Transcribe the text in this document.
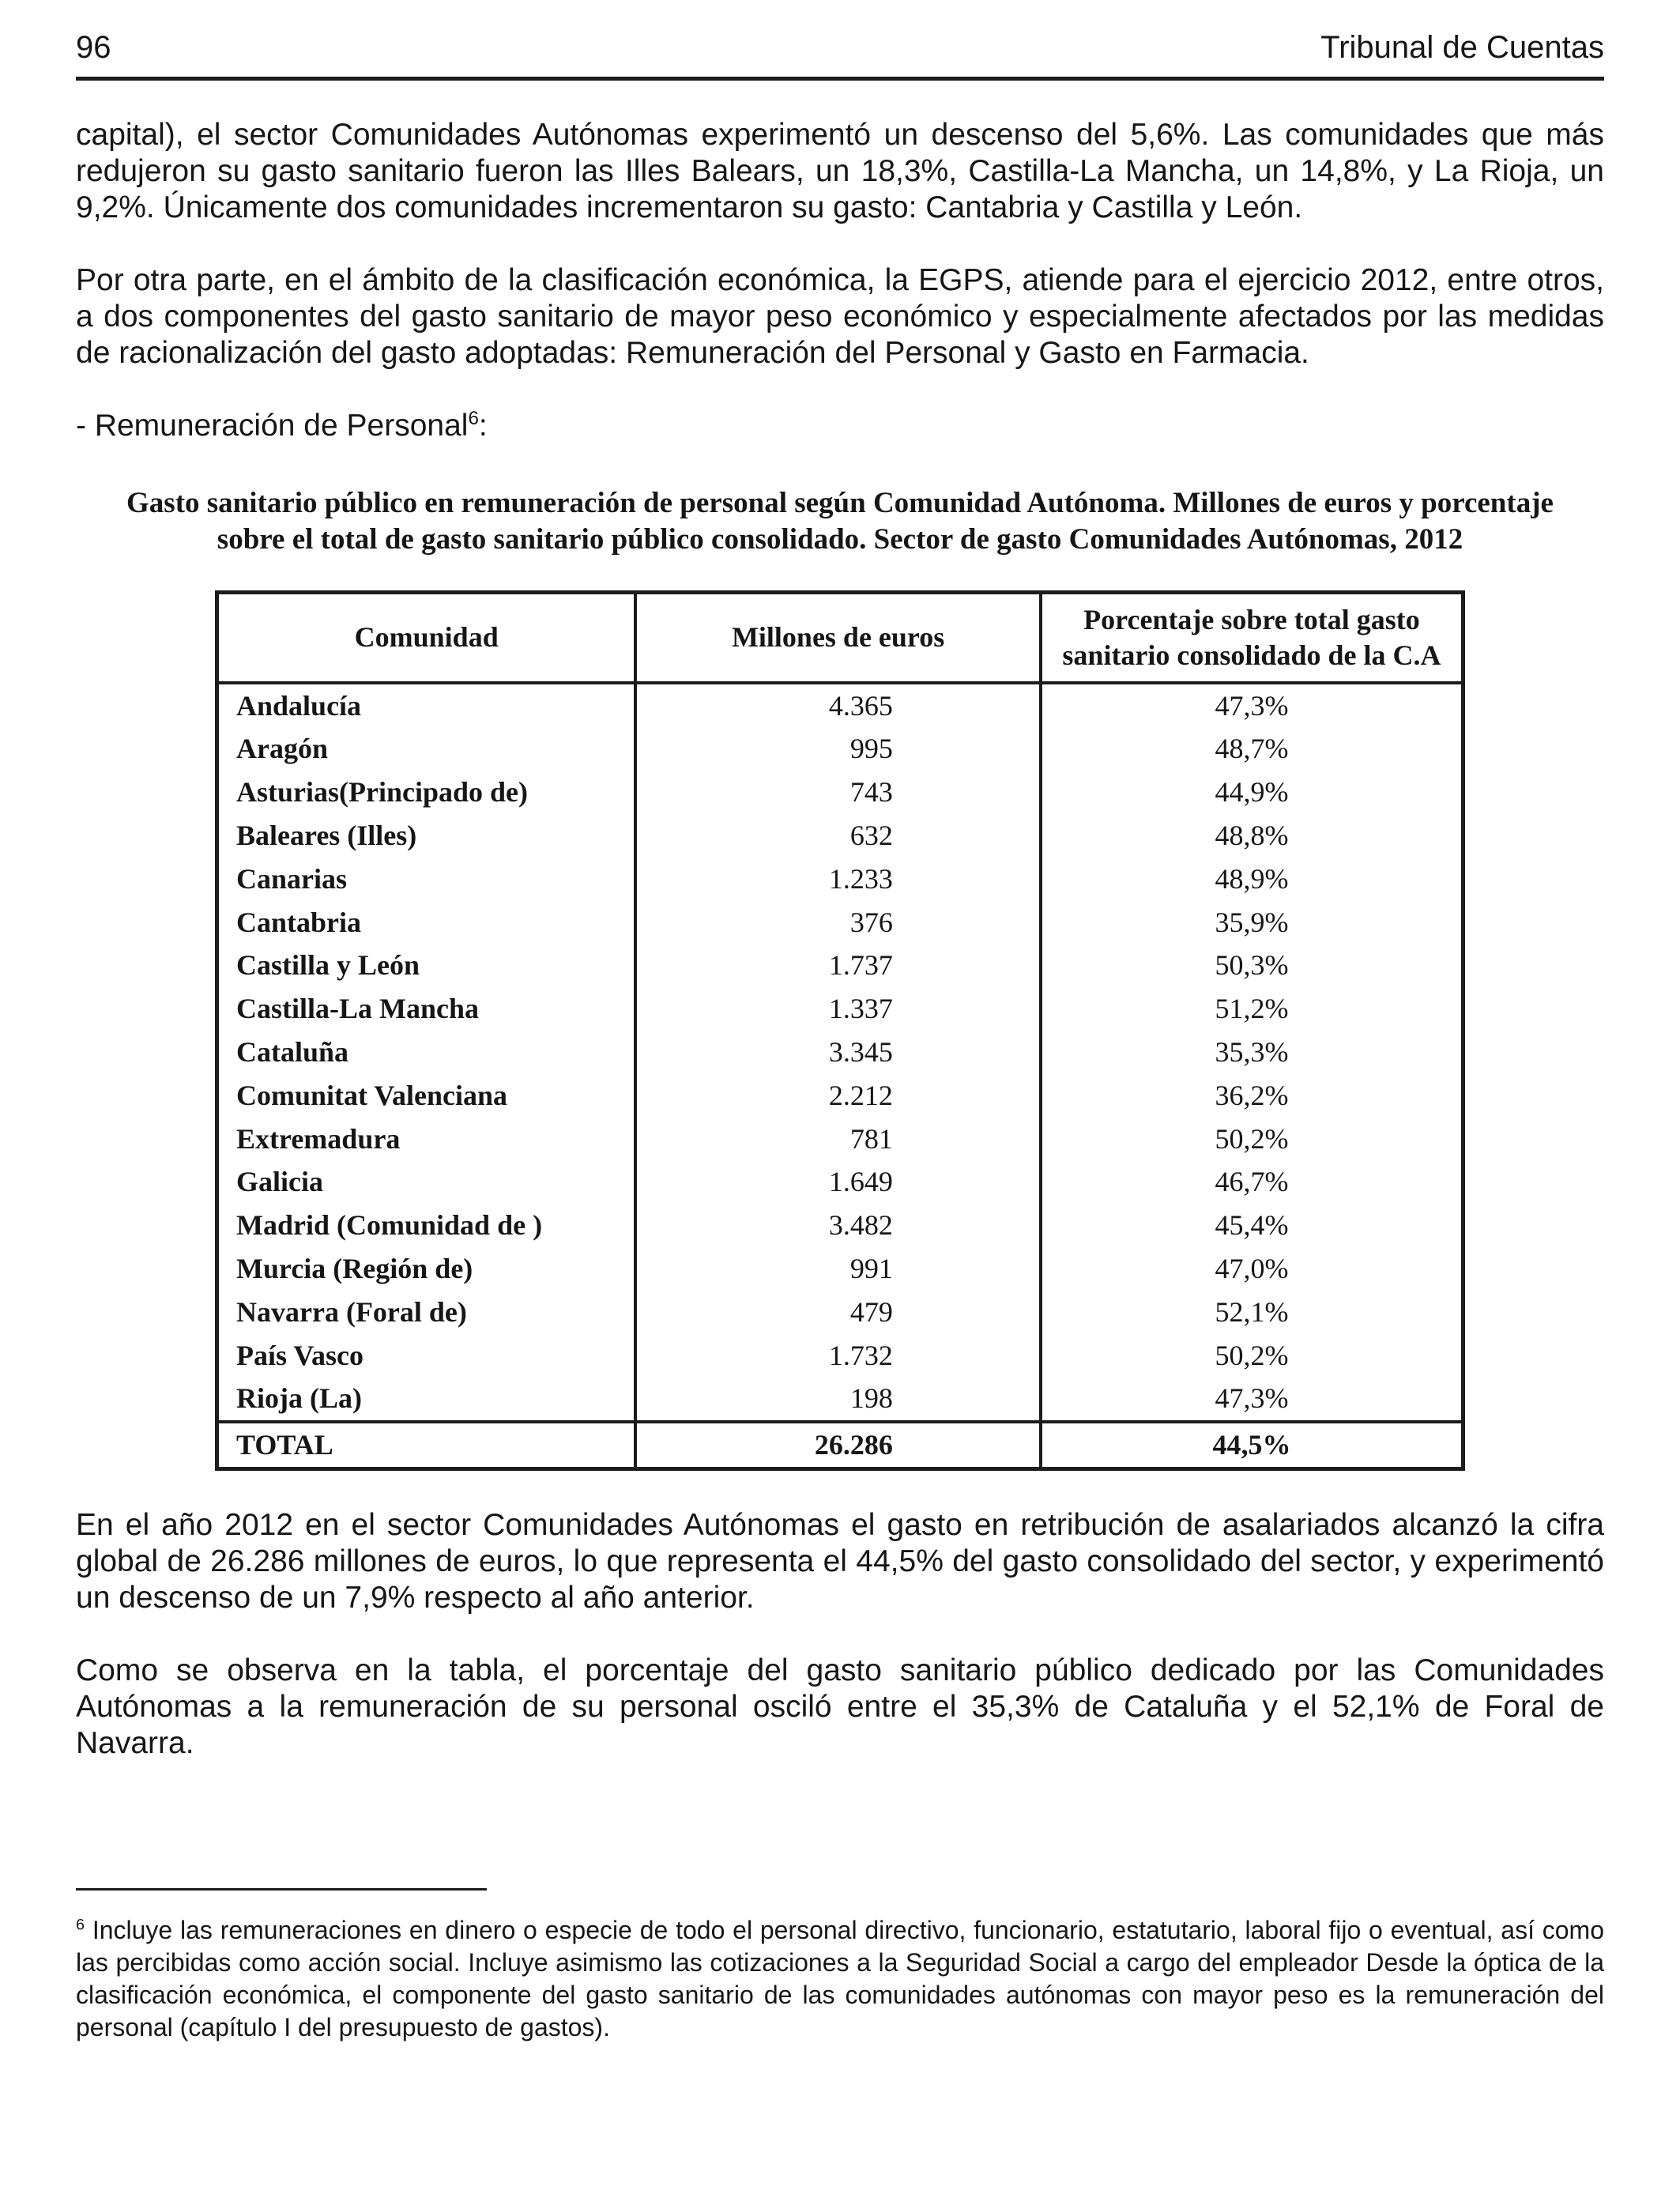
96	Tribunal de Cuentas

capital), el sector Comunidades Autónomas experimentó un descenso del 5,6%. Las comunidades que más redujeron su gasto sanitario fueron las Illes Balears, un 18,3%, Castilla-La Mancha, un 14,8%, y La Rioja, un 9,2%. Únicamente dos comunidades incrementaron su gasto: Cantabria y Castilla y León.

Por otra parte, en el ámbito de la clasificación económica, la EGPS, atiende para el ejercicio 2012, entre otros, a dos componentes del gasto sanitario de mayor peso económico y especialmente afectados por las medidas de racionalización del gasto adoptadas: Remuneración del Personal y Gasto en Farmacia.

- Remuneración de Personal$^6$:

Gasto sanitario público en remuneración de personal según Comunidad Autónoma. Millones de euros y porcentaje sobre el total de gasto sanitario público consolidado. Sector de gasto Comunidades Autónomas, 2012
Comunidad	Millones de euros	Porcentaje sobre total gasto sanitario consolidado de la C.A
Andalucía	4.365	47,3%
Aragón	995	48,7%
Asturias(Principado de)	743	44,9%
Baleares (Illes)	632	48,8%
Canarias	1.233	48,9%
Cantabria	376	35,9%
Castilla y León	1.737	50,3%
Castilla-La Mancha	1.337	51,2%
Cataluña	3.345	35,3%
Comunitat Valenciana	2.212	36,2%
Extremadura	781	50,2%
Galicia	1.649	46,7%
Madrid (Comunidad de )	3.482	45,4%
Murcia (Región de)	991	47,0%
Navarra (Foral de)	479	52,1%
País Vasco	1.732	50,2%
Rioja (La)	198	47,3%
TOTAL	26.286	44,5%

En el año 2012 en el sector Comunidades Autónomas el gasto en retribución de asalariados alcanzó la cifra global de 26.286 millones de euros, lo que representa el 44,5% del gasto consolidado del sector, y experimentó un descenso de un 7,9% respecto al año anterior.

Como se observa en la tabla, el porcentaje del gasto sanitario público dedicado por las Comunidades Autónomas a la remuneración de su personal osciló entre el 35,3% de Cataluña y el 52,1% de Foral de Navarra.

$^6$ Incluye las remuneraciones en dinero o especie de todo el personal directivo, funcionario, estatutario, laboral fijo o eventual, así como las percibidas como acción social. Incluye asimismo las cotizaciones a la Seguridad Social a cargo del empleador Desde la óptica de la clasificación económica, el componente del gasto sanitario de las comunidades autónomas con mayor peso es la remuneración del personal (capítulo I del presupuesto de gastos).
